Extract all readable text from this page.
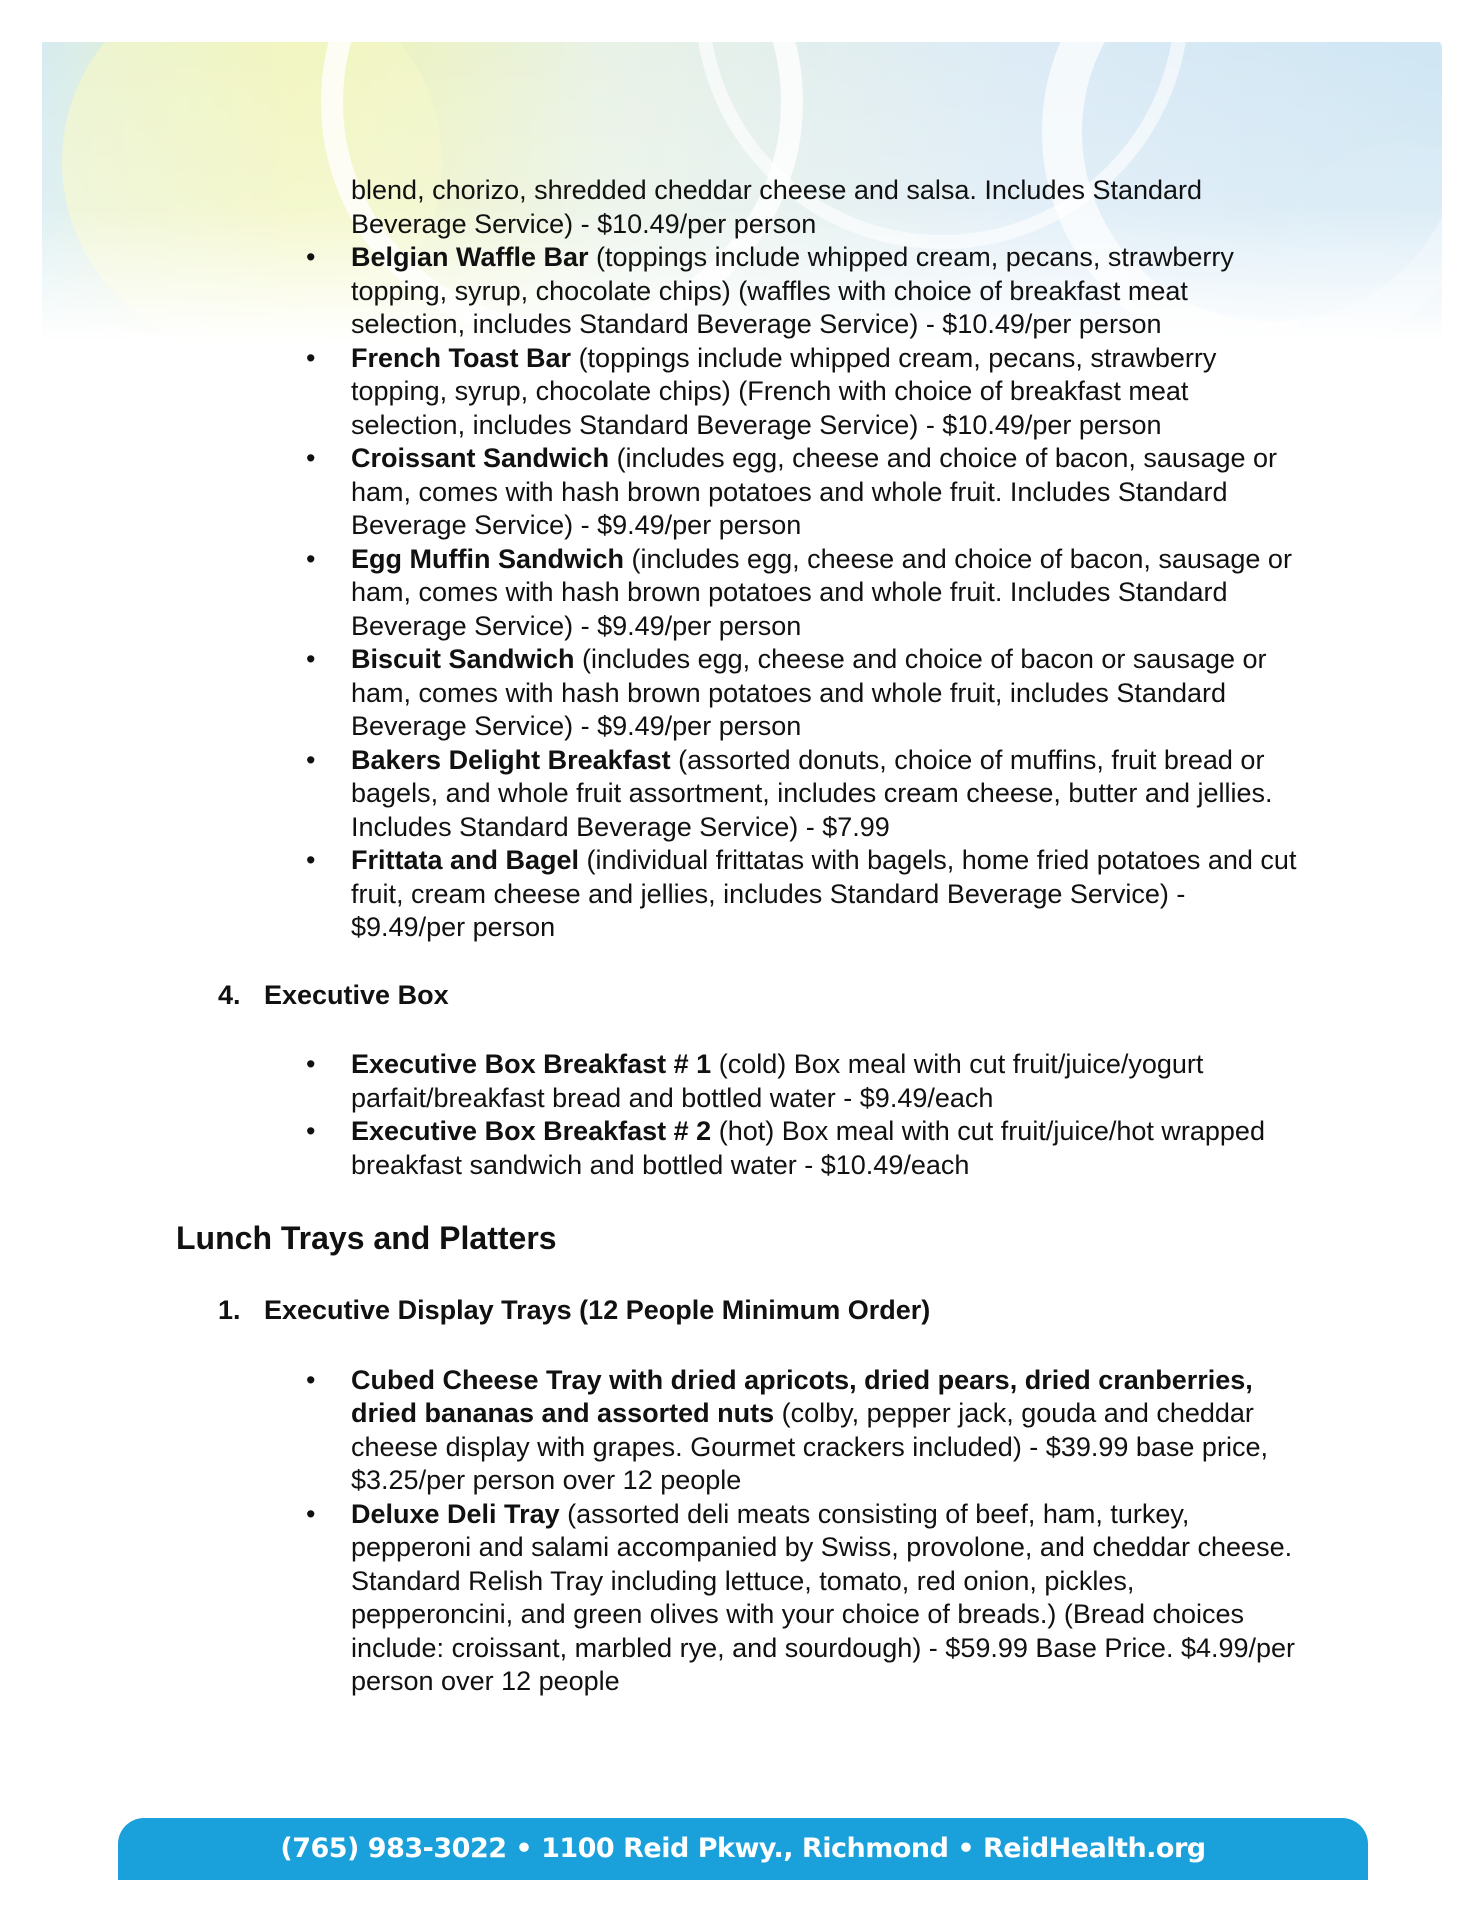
blend, chorizo, shredded cheddar cheese and salsa. Includes Standard Beverage Service) - $10.49/per person
• Belgian Waffle Bar (toppings include whipped cream, pecans, strawberry topping, syrup, chocolate chips) (waffles with choice of breakfast meat selection, includes Standard Beverage Service) - $10.49/per person
• French Toast Bar (toppings include whipped cream, pecans, strawberry topping, syrup, chocolate chips) (French with choice of breakfast meat selection, includes Standard Beverage Service) - $10.49/per person
• Croissant Sandwich (includes egg, cheese and choice of bacon, sausage or ham, comes with hash brown potatoes and whole fruit. Includes Standard Beverage Service) - $9.49/per person
• Egg Muffin Sandwich (includes egg, cheese and choice of bacon, sausage or ham, comes with hash brown potatoes and whole fruit. Includes Standard Beverage Service) - $9.49/per person
• Biscuit Sandwich (includes egg, cheese and choice of bacon or sausage or ham, comes with hash brown potatoes and whole fruit, includes Standard Beverage Service) - $9.49/per person
• Bakers Delight Breakfast (assorted donuts, choice of muffins, fruit bread or bagels, and whole fruit assortment, includes cream cheese, butter and jellies. Includes Standard Beverage Service) - $7.99
• Frittata and Bagel (individual frittatas with bagels, home fried potatoes and cut fruit, cream cheese and jellies, includes Standard Beverage Service) - $9.49/per person
4. Executive Box
• Executive Box Breakfast # 1 (cold) Box meal with cut fruit/juice/yogurt parfait/breakfast bread and bottled water - $9.49/each
• Executive Box Breakfast # 2 (hot) Box meal with cut fruit/juice/hot wrapped breakfast sandwich and bottled water - $10.49/each
Lunch Trays and Platters
1. Executive Display Trays (12 People Minimum Order)
• Cubed Cheese Tray with dried apricots, dried pears, dried cranberries, dried bananas and assorted nuts (colby, pepper jack, gouda and cheddar cheese display with grapes. Gourmet crackers included) - $39.99 base price, $3.25/per person over 12 people
• Deluxe Deli Tray (assorted deli meats consisting of beef, ham, turkey, pepperoni and salami accompanied by Swiss, provolone, and cheddar cheese. Standard Relish Tray including lettuce, tomato, red onion, pickles, pepperoncini, and green olives with your choice of breads.) (Bread choices include: croissant, marbled rye, and sourdough) - $59.99 Base Price. $4.99/per person over 12 people
(765) 983-3022 • 1100 Reid Pkwy., Richmond • ReidHealth.org
